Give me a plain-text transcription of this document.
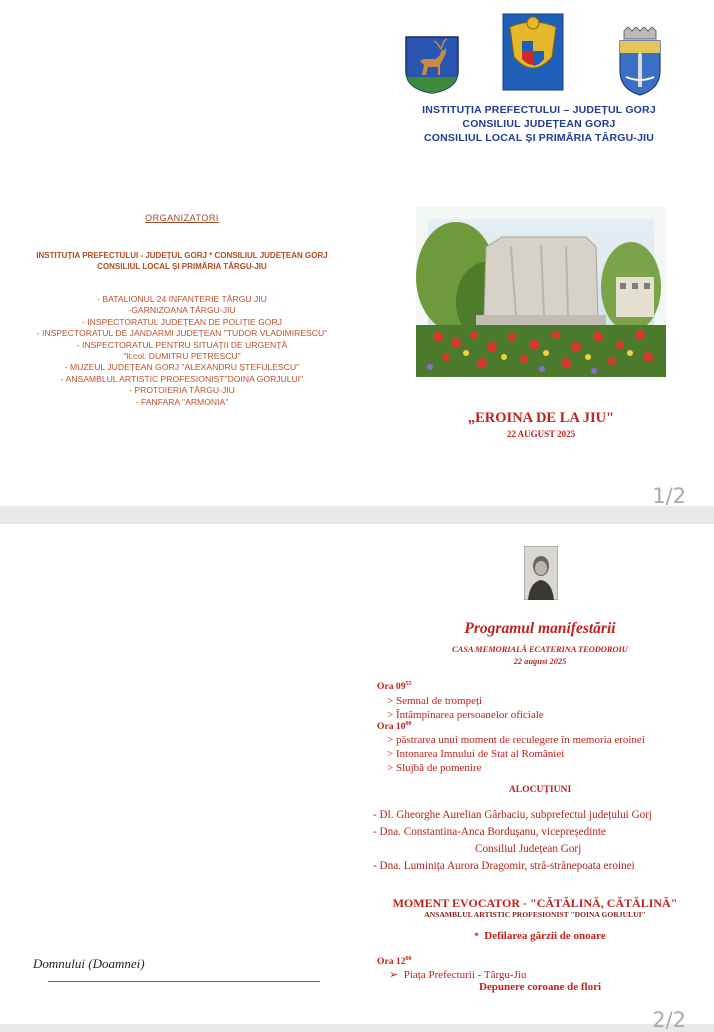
ORGANIZATORI
INSTITUȚIA PREFECTULUI - JUDEȚUL GORJ * CONSILIUL JUDEȚEAN GORJ
CONSILIUL LOCAL ȘI PRIMĂRIA TÂRGU-JIU
- BATALIONUL 24 INFANTERIE TÂRGU JIU
-GARNIZOANA TÂRGU-JIU
- INSPECTORATUL JUDEȚEAN DE POLIȚIE GORJ
- INSPECTORATUL DE JANDARMI JUDEȚEAN "TUDOR VLADIMIRESCU"
- INSPECTORATUL PENTRU SITUAȚII DE URGENȚĂ
"lt.col. DUMITRU PETRESCU"
- MUZEUL JUDEȚEAN GORJ "ALEXANDRU ȘTEFULESCU"
- ANSAMBLUL ARTISTIC PROFESIONIST"DOINA GORJULUI"
- PROTOIERIA TÂRGU-JIU
- FANFARA "ARMONIA"
INSTITUȚIA PREFECTULUI – JUDEȚUL GORJ
CONSILIUL JUDEȚEAN GORJ
CONSILIUL LOCAL ȘI PRIMĂRIA TÂRGU-JIU
„EROINA DE LA JIU"
22 AUGUST 2025
1/2
Programul manifestării
CASA MEMORIALĂ ECATERINA TEODOROIU
22 august 2025
Ora $09^{55}$
> Semnal de trompeți
> Întâmpinarea persoanelor oficiale
Ora $10^{00}$
> păstrarea unui moment de reculegere în memoria eroinei
> Intonarea Imnului de Stat al României
> Slujbă de pomenire
ALOCUȚIUNI
- Dl. Gheorghe Aurelian Gârbaciu, subprefectul județului Gorj
- Dna. Constantina-Anca Borduşanu, vicepreședinte
Consiliul Județean Gorj
- Dna. Luminița Aurora Dragomir, stră-strănepoata eroinei
MOMENT EVOCATOR - "CĂTĂLINĂ, CĂTĂLINĂ"
ANSAMBLUL ARTISTIC PROFESIONIST "DOINA GORJULUI"
* Defilarea gărzii de onoare
Ora $12^{00}$
➢ Piața Prefecturii - Târgu-Jiu
Depunere coroane de flori
Domnului (Doamnei)
2/2
